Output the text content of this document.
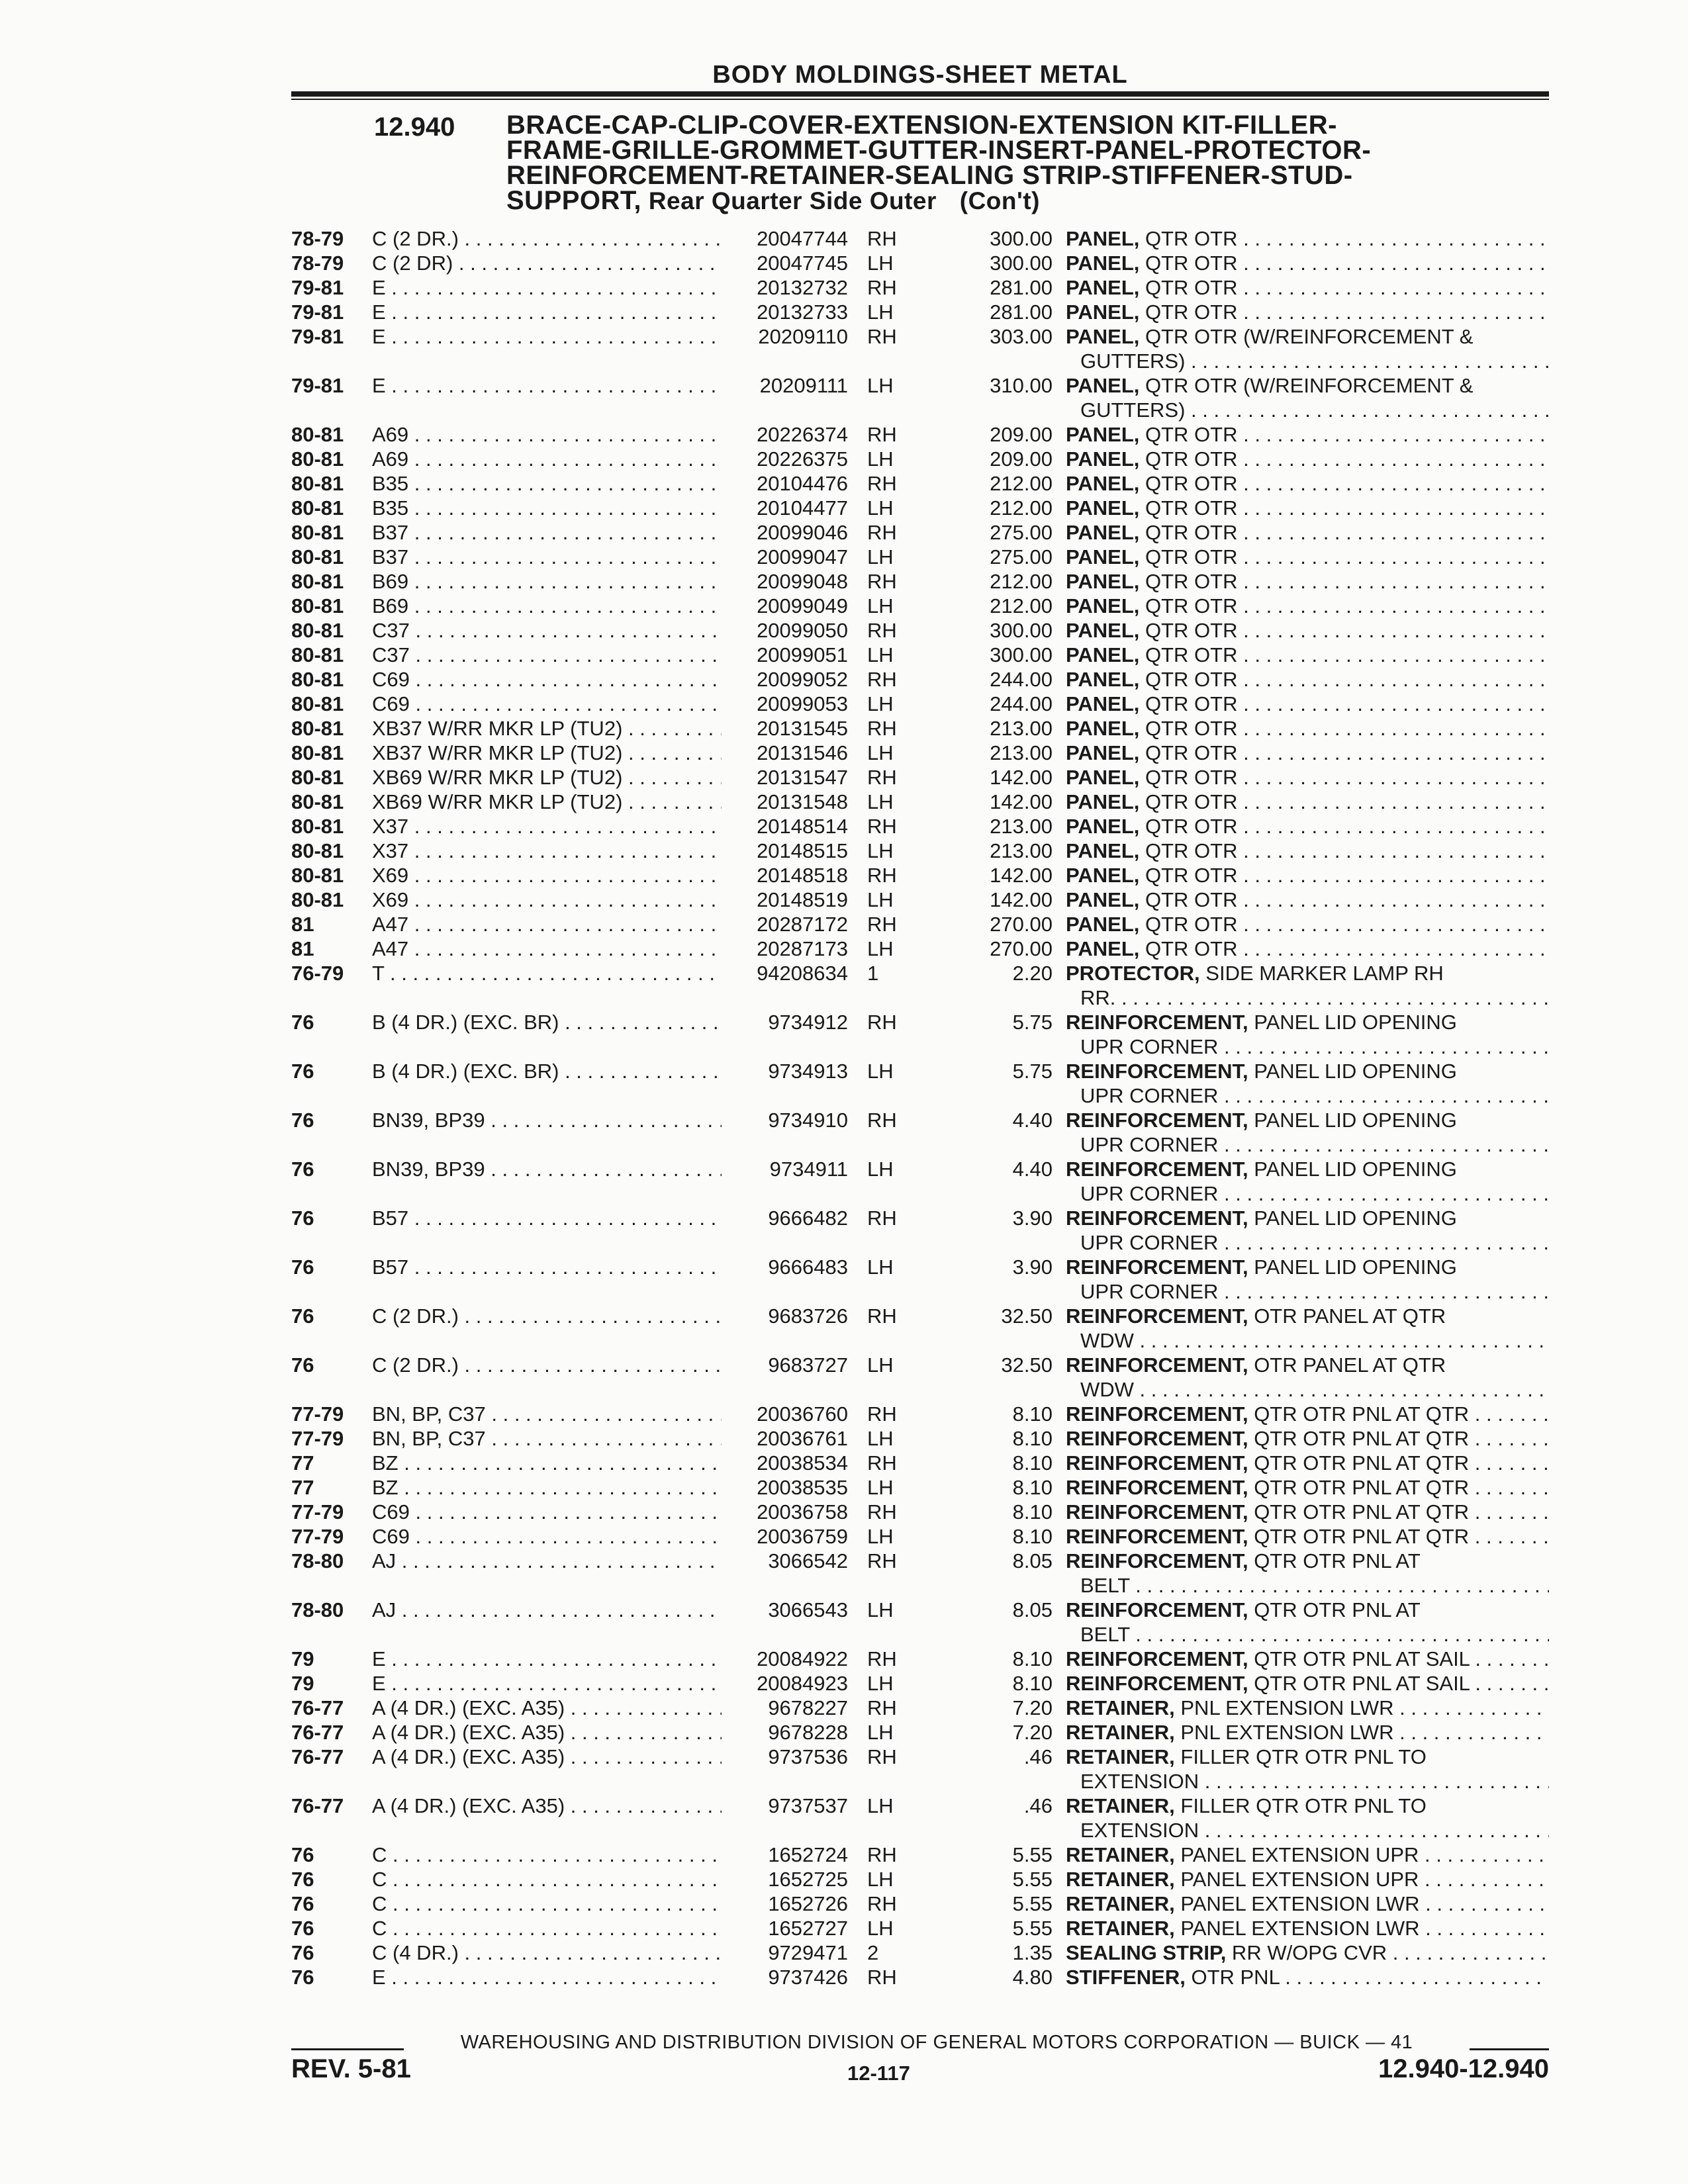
BODY MOLDINGS-SHEET METAL
12.940 BRACE-CAP-CLIP-COVER-EXTENSION-EXTENSION KIT-FILLER-
FRAME-GRILLE-GROMMET-GUTTER-INSERT-PANEL-PROTECTOR-
REINFORCEMENT-RETAINER-SEALING STRIP-STIFFENER-STUD-
SUPPORT, Rear Quarter Side Outer (Con't)
78-79	C (2 DR.) . . .	20047744 RH	300.00 PANEL, QTR OTR . . .
78-79	C (2 DR) . . .	20047745 LH	300.00 PANEL, QTR OTR . . .
79-81	E . . .	20132732 RH	281.00 PANEL, QTR OTR . . .
79-81	E . . .	20132733 LH	281.00 PANEL, QTR OTR . . .
79-81	E . . .	20209110 RH	303.00 PANEL, QTR OTR (W/REINFORCEMENT &
GUTTERS) . . .
79-81	E . . .	20209111 LH	310.00 PANEL, QTR OTR (W/REINFORCEMENT &
GUTTERS) . . .
80-81	A69 . . .	20226374 RH	209.00 PANEL, QTR OTR . . .
80-81	A69 . . .	20226375 LH	209.00 PANEL, QTR OTR . . .
80-81	B35 . . .	20104476 RH	212.00 PANEL, QTR OTR . . .
80-81	B35 . . .	20104477 LH	212.00 PANEL, QTR OTR . . .
80-81	B37 . . .	20099046 RH	275.00 PANEL, QTR OTR . . .
80-81	B37 . . .	20099047 LH	275.00 PANEL, QTR OTR . . .
80-81	B69 . . .	20099048 RH	212.00 PANEL, QTR OTR . . .
80-81	B69 . . .	20099049 LH	212.00 PANEL, QTR OTR . . .
80-81	C37 . . .	20099050 RH	300.00 PANEL, QTR OTR . . .
80-81	C37 . . .	20099051 LH	300.00 PANEL, QTR OTR . . .
80-81	C69 . . .	20099052 RH	244.00 PANEL, QTR OTR . . .
80-81	C69 . . .	20099053 LH	244.00 PANEL, QTR OTR . . .
80-81	XB37 W/RR MKR LP (TU2) . . .	20131545 RH	213.00 PANEL, QTR OTR . . .
80-81	XB37 W/RR MKR LP (TU2) . . .	20131546 LH	213.00 PANEL, QTR OTR . . .
80-81	XB69 W/RR MKR LP (TU2) . . .	20131547 RH	142.00 PANEL, QTR OTR . . .
80-81	XB69 W/RR MKR LP (TU2) . . .	20131548 LH	142.00 PANEL, QTR OTR . . .
80-81	X37 . . .	20148514 RH	213.00 PANEL, QTR OTR . . .
80-81	X37 . . .	20148515 LH	213.00 PANEL, QTR OTR . . .
80-81	X69 . . .	20148518 RH	142.00 PANEL, QTR OTR . . .
80-81	X69 . . .	20148519 LH	142.00 PANEL, QTR OTR . . .
81	A47 . . .	20287172 RH	270.00 PANEL, QTR OTR . . .
81	A47 . . .	20287173 LH	270.00 PANEL, QTR OTR . . .
76-79	T . . .	94208634 1	2.20 PROTECTOR, SIDE MARKER LAMP RH
RR. . . .
76	B (4 DR.) (EXC. BR) . . .	9734912 RH	5.75 REINFORCEMENT, PANEL LID OPENING
UPR CORNER . . .
76	B (4 DR.) (EXC. BR) . . .	9734913 LH	5.75 REINFORCEMENT, PANEL LID OPENING
UPR CORNER . . .
76	BN39, BP39 . . .	9734910 RH	4.40 REINFORCEMENT, PANEL LID OPENING
UPR CORNER . . .
76	BN39, BP39 . . .	9734911 LH	4.40 REINFORCEMENT, PANEL LID OPENING
UPR CORNER . . .
76	B57 . . .	9666482 RH	3.90 REINFORCEMENT, PANEL LID OPENING
UPR CORNER . . .
76	B57 . . .	9666483 LH	3.90 REINFORCEMENT, PANEL LID OPENING
UPR CORNER . . .
76	C (2 DR.) . . .	9683726 RH	32.50 REINFORCEMENT, OTR PANEL AT QTR
WDW . . .
76	C (2 DR.) . . .	9683727 LH	32.50 REINFORCEMENT, OTR PANEL AT QTR
WDW . . .
77-79	BN, BP, C37 . . .	20036760 RH	8.10 REINFORCEMENT, QTR OTR PNL AT QTR . . .
77-79	BN, BP, C37 . . .	20036761 LH	8.10 REINFORCEMENT, QTR OTR PNL AT QTR . . .
77	BZ . . .	20038534 RH	8.10 REINFORCEMENT, QTR OTR PNL AT QTR . . .
77	BZ . . .	20038535 LH	8.10 REINFORCEMENT, QTR OTR PNL AT QTR . . .
77-79	C69 . . .	20036758 RH	8.10 REINFORCEMENT, QTR OTR PNL AT QTR . . .
77-79	C69 . . .	20036759 LH	8.10 REINFORCEMENT, QTR OTR PNL AT QTR . . .
78-80	AJ . . .	3066542 RH	8.05 REINFORCEMENT, QTR OTR PNL AT
BELT . . .
78-80	AJ . . .	3066543 LH	8.05 REINFORCEMENT, QTR OTR PNL AT
BELT . . .
79	E . . .	20084922 RH	8.10 REINFORCEMENT, QTR OTR PNL AT SAIL . . .
79	E . . .	20084923 LH	8.10 REINFORCEMENT, QTR OTR PNL AT SAIL . . .
76-77	A (4 DR.) (EXC. A35) . . .	9678227 RH	7.20 RETAINER, PNL EXTENSION LWR . . .
76-77	A (4 DR.) (EXC. A35) . . .	9678228 LH	7.20 RETAINER, PNL EXTENSION LWR . . .
76-77	A (4 DR.) (EXC. A35) . . .	9737536 RH	.46 RETAINER, FILLER QTR OTR PNL TO
EXTENSION . . .
76-77	A (4 DR.) (EXC. A35) . . .	9737537 LH	.46 RETAINER, FILLER QTR OTR PNL TO
EXTENSION . . .
76	C . . .	1652724 RH	5.55 RETAINER, PANEL EXTENSION UPR . . .
76	C . . .	1652725 LH	5.55 RETAINER, PANEL EXTENSION UPR . . .
76	C . . .	1652726 RH	5.55 RETAINER, PANEL EXTENSION LWR . . .
76	C . . .	1652727 LH	5.55 RETAINER, PANEL EXTENSION LWR . . .
76	C (4 DR.) . . .	9729471 2	1.35 SEALING STRIP, RR W/OPG CVR . . .
76	E . . .	9737426 RH	4.80 STIFFENER, OTR PNL . . .
WAREHOUSING AND DISTRIBUTION DIVISION OF GENERAL MOTORS CORPORATION — BUICK — 41
REV. 5-81	12-117	12.940-12.940
